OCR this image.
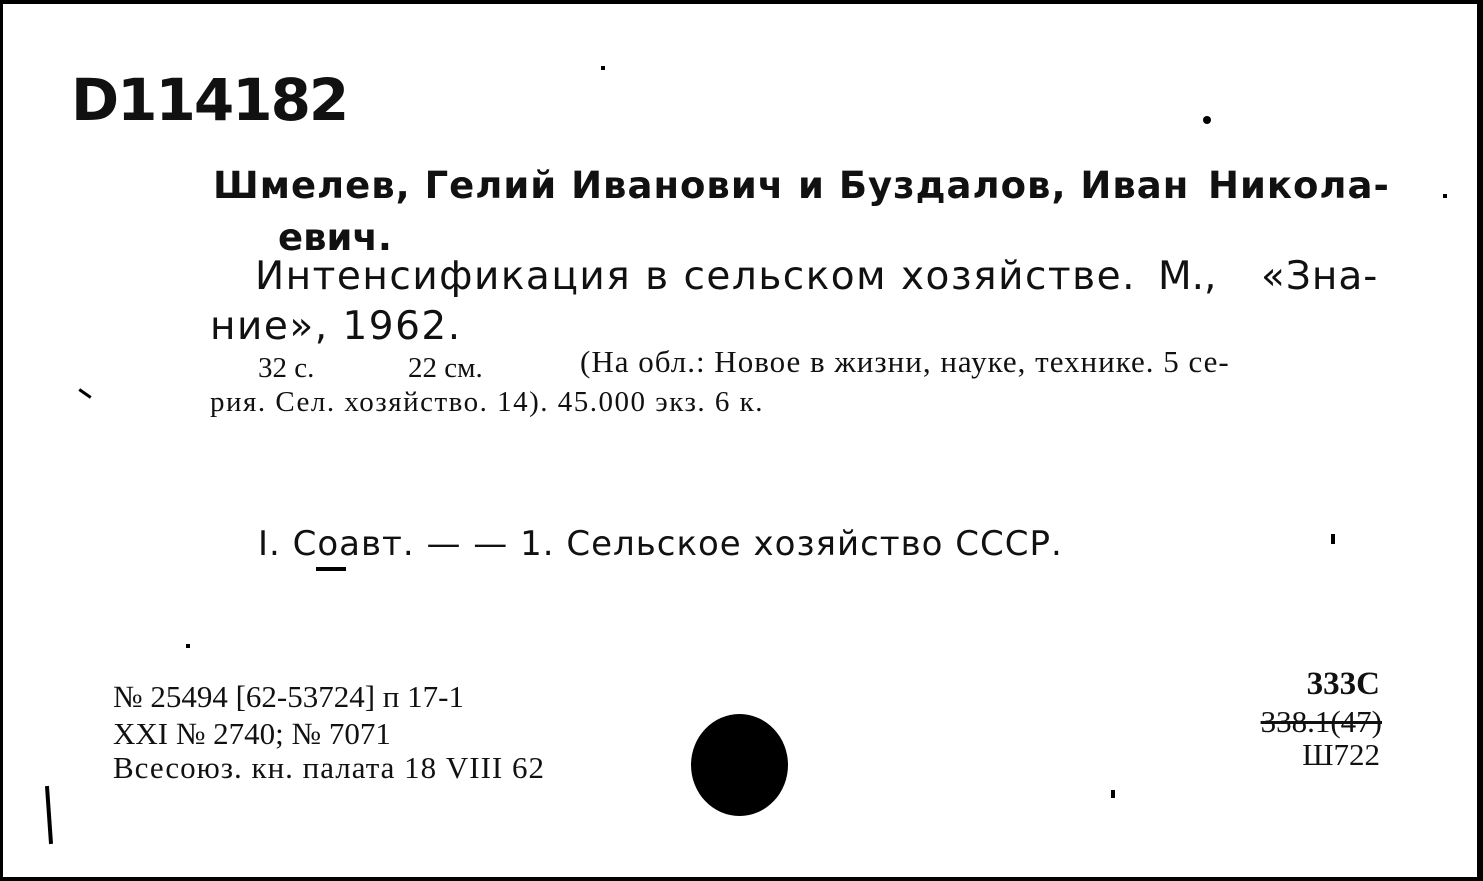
D114182
Шмелев, Гелий Иванович и Буздалов, Иван Никола-
евич.
Интенсификация в сельском хозяйстве. М., «Зна-
ние», 1962.
32 с.	22 см.	(На обл.: Новое в жизни, науке, технике. 5 се-
рия. Сел. хозяйство. 14). 45.000 экз. 6 к.
I. Соавт. — — 1. Сельское хозяйство СССР.
№ 25494 [62-53724] п 17-1
XXI № 2740; № 7071
Всесоюз. кн. палата 18 VIII 62
333С
338.1(47)
Ш722
